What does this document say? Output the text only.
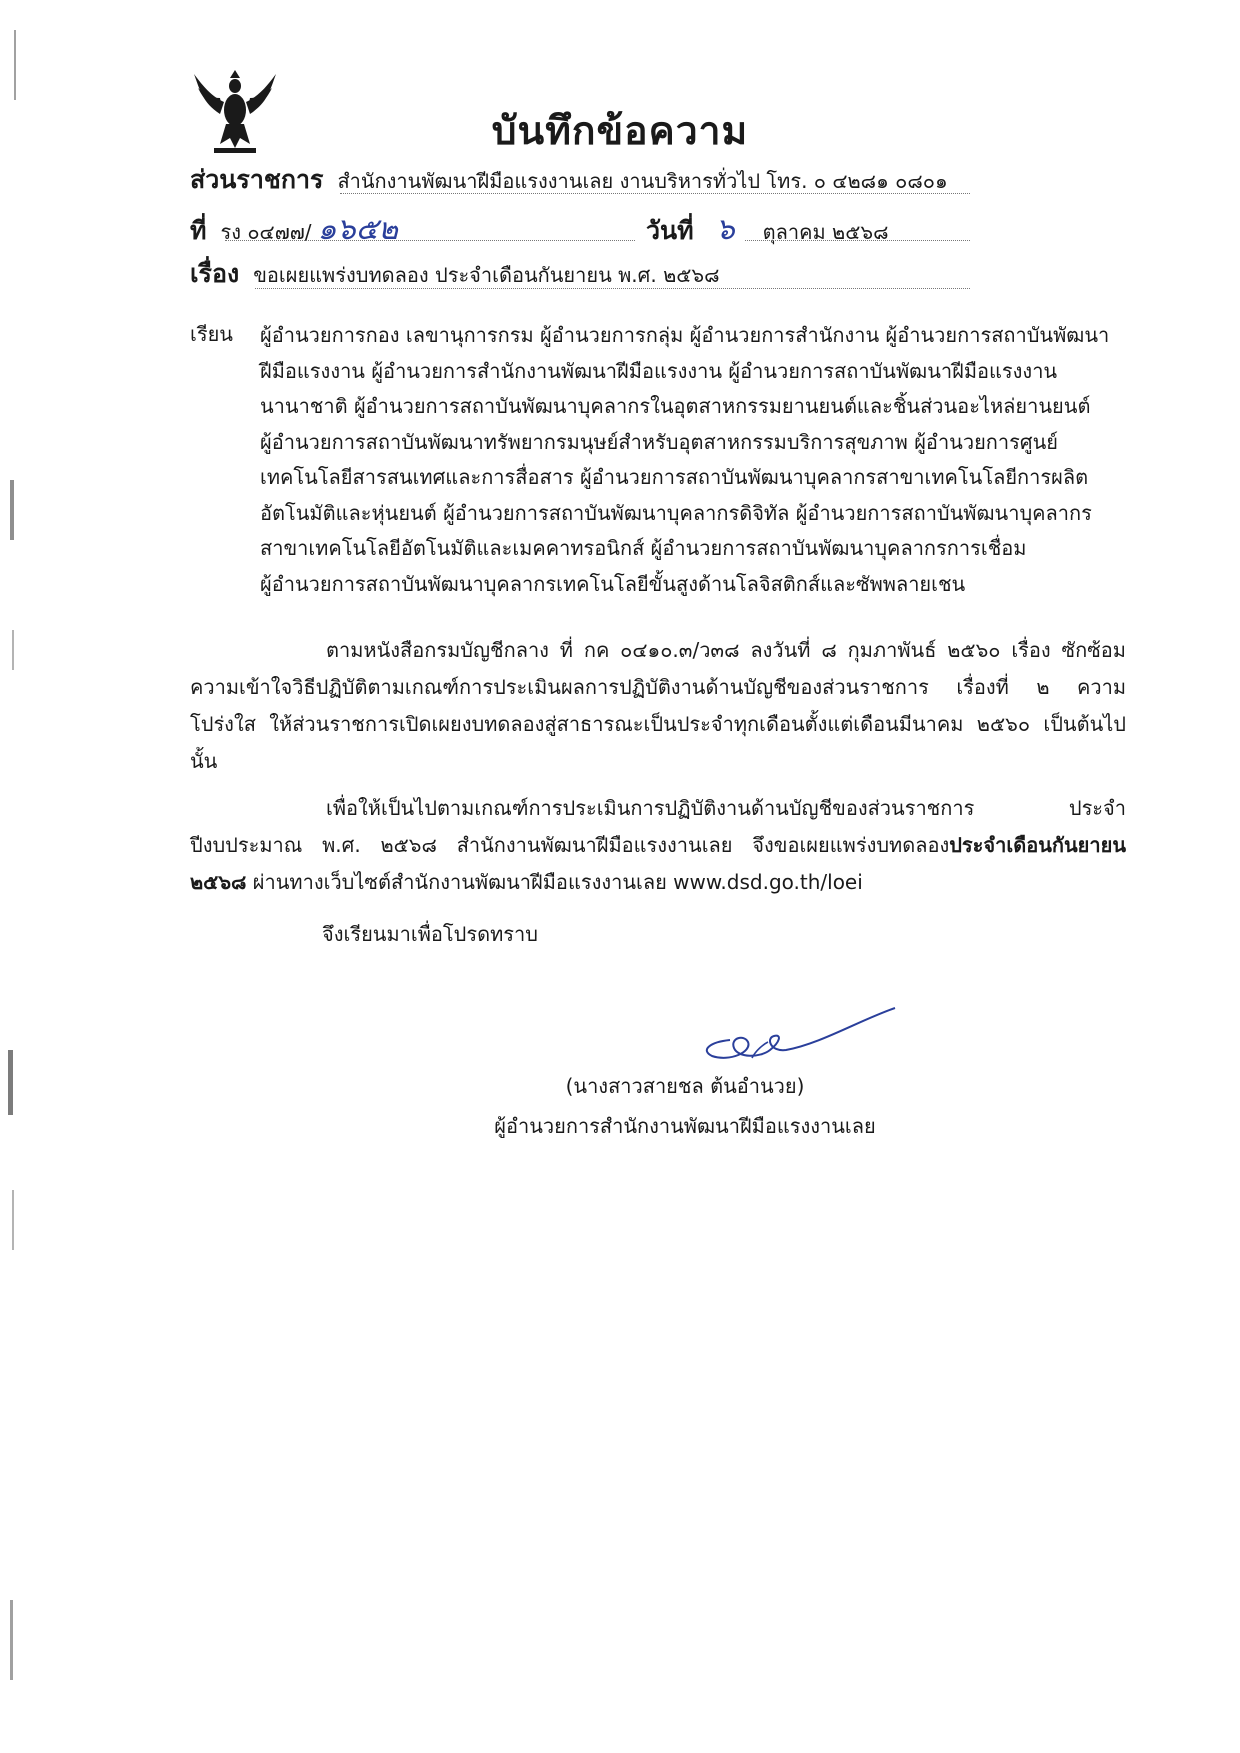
บันทึกข้อความ
ส่วนราชการ สำนักงานพัฒนาฝีมือแรงงานเลย งานบริหารทั่วไป โทร. ๐ ๔๒๘๑ ๐๘๐๑
ที่ รง ๐๔๗๗/ ๑๖๕๒	วันที่ ๖ ตุลาคม ๒๕๖๘
เรื่อง ขอเผยแพร่งบทดลอง ประจำเดือนกันยายน พ.ศ. ๒๕๖๘
เรียน ผู้อำนวยการกอง เลขานุการกรม ผู้อำนวยการกลุ่ม ผู้อำนวยการสำนักงาน ผู้อำนวยการสถาบันพัฒนา
ฝีมือแรงงาน ผู้อำนวยการสำนักงานพัฒนาฝีมือแรงงาน ผู้อำนวยการสถาบันพัฒนาฝีมือแรงงาน
นานาชาติ ผู้อำนวยการสถาบันพัฒนาบุคลากรในอุตสาหกรรมยานยนต์และชิ้นส่วนอะไหล่ยานยนต์
ผู้อำนวยการสถาบันพัฒนาทรัพยากรมนุษย์สำหรับอุตสาหกรรมบริการสุขภาพ ผู้อำนวยการศูนย์
เทคโนโลยีสารสนเทศและการสื่อสาร ผู้อำนวยการสถาบันพัฒนาบุคลากรสาขาเทคโนโลยีการผลิต
อัตโนมัติและหุ่นยนต์ ผู้อำนวยการสถาบันพัฒนาบุคลากรดิจิทัล ผู้อำนวยการสถาบันพัฒนาบุคลากร
สาขาเทคโนโลยีอัตโนมัติและเมคคาทรอนิกส์ ผู้อำนวยการสถาบันพัฒนาบุคลากรการเชื่อม
ผู้อำนวยการสถาบันพัฒนาบุคลากรเทคโนโลยีขั้นสูงด้านโลจิสติกส์และซัพพลายเชน

ตามหนังสือกรมบัญชีกลาง ที่ กค ๐๔๑๐.๓/ว๓๘ ลงวันที่ ๘ กุมภาพันธ์ ๒๕๖๐ เรื่อง ซักซ้อมความเข้าใจวิธีปฏิบัติตามเกณฑ์การประเมินผลการปฏิบัติงานด้านบัญชีของส่วนราชการ เรื่องที่ ๒ ความโปร่งใส ให้ส่วนราชการเปิดเผยงบทดลองสู่สาธารณะเป็นประจำทุกเดือนตั้งแต่เดือนมีนาคม ๒๕๖๐ เป็นต้นไป นั้น

เพื่อให้เป็นไปตามเกณฑ์การประเมินการปฏิบัติงานด้านบัญชีของส่วนราชการ ประจำปีงบประมาณ พ.ศ. ๒๕๖๘ สำนักงานพัฒนาฝีมือแรงงานเลย จึงขอเผยแพร่งบทดลองประจำเดือนกันยายน ๒๕๖๘ ผ่านทางเว็บไซต์สำนักงานพัฒนาฝีมือแรงงานเลย www.dsd.go.th/loei

จึงเรียนมาเพื่อโปรดทราบ
(นางสาวสายชล ต้นอำนวย)
ผู้อำนวยการสำนักงานพัฒนาฝีมือแรงงานเลย
